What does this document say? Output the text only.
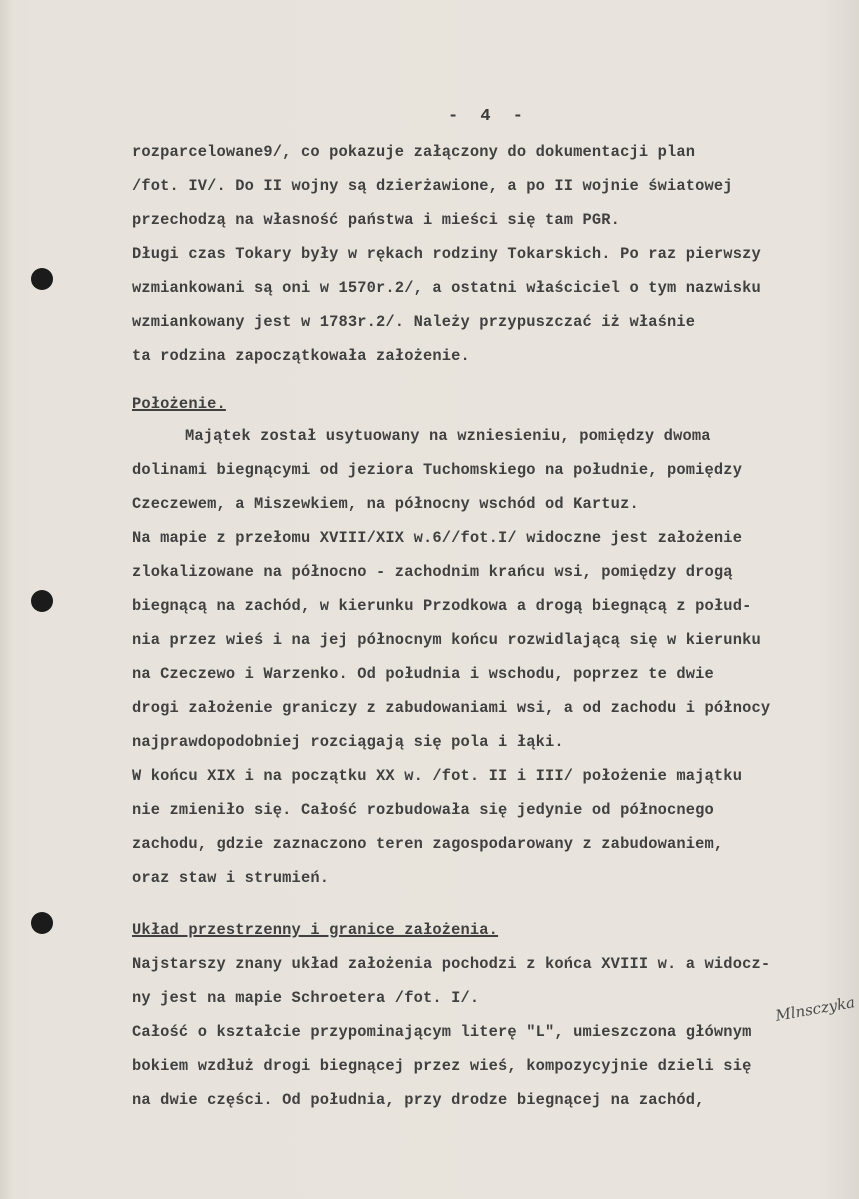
- 4 -
rozparcelowane9/, co pokazuje załączony do dokumentacji plan
/fot. IV/. Do II wojny są dzierżawione, a po II wojnie światowej
przechodzą na własność państwa i mieści się tam PGR.
Długi czas Tokary były w rękach rodziny Tokarskich. Po raz pierwszy
wzmiankowani są oni w 1570r.2/, a ostatni właściciel o tym nazwisku
wzmiankowany jest w 1783r.2/. Należy przypuszczać iż właśnie
ta rodzina zapoczątkowała założenie.
Położenie.
Majątek został usytuowany na wzniesieniu, pomiędzy dwoma
dolinami biegnącymi od jeziora Tuchomskiego na południe, pomiędzy
Czeczewem, a Miszewkiem, na północny wschód od Kartuz.
Na mapie z przełomu XVIII/XIX w.6//fot.I/ widoczne jest założenie
zlokalizowane na północno - zachodnim krańcu wsi, pomiędzy drogą
biegnącą na zachód, w kierunku Przodkowa a drogą biegnącą z połud-
nia przez wieś i na jej północnym końcu rozwidlającą się w kierunku
na Czeczewo i Warzenko. Od południa i wschodu, poprzez te dwie
drogi założenie graniczy z zabudowaniami wsi, a od zachodu i północy
najprawdopodobniej rozciągają się pola i łąki.
W końcu XIX i na początku XX w. /fot. II i III/ położenie majątku
nie zmieniło się. Całość rozbudowała się jedynie od północnego
zachodu, gdzie zaznaczono teren zagospodarowany z zabudowaniem,
oraz staw i strumień.
Układ przestrzenny i granice założenia.
Najstarszy znany układ założenia pochodzi z końca XVIII w. a widocz-
ny jest na mapie Schroetera /fot. I/.
Całość o kształcie przypominającym literę "L", umieszczona głównym
bokiem wzdłuż drogi biegnącej przez wieś, kompozycyjnie dzieli się
na dwie części. Od południa, przy drodze biegnącej na zachód,
Mlnsczyka
